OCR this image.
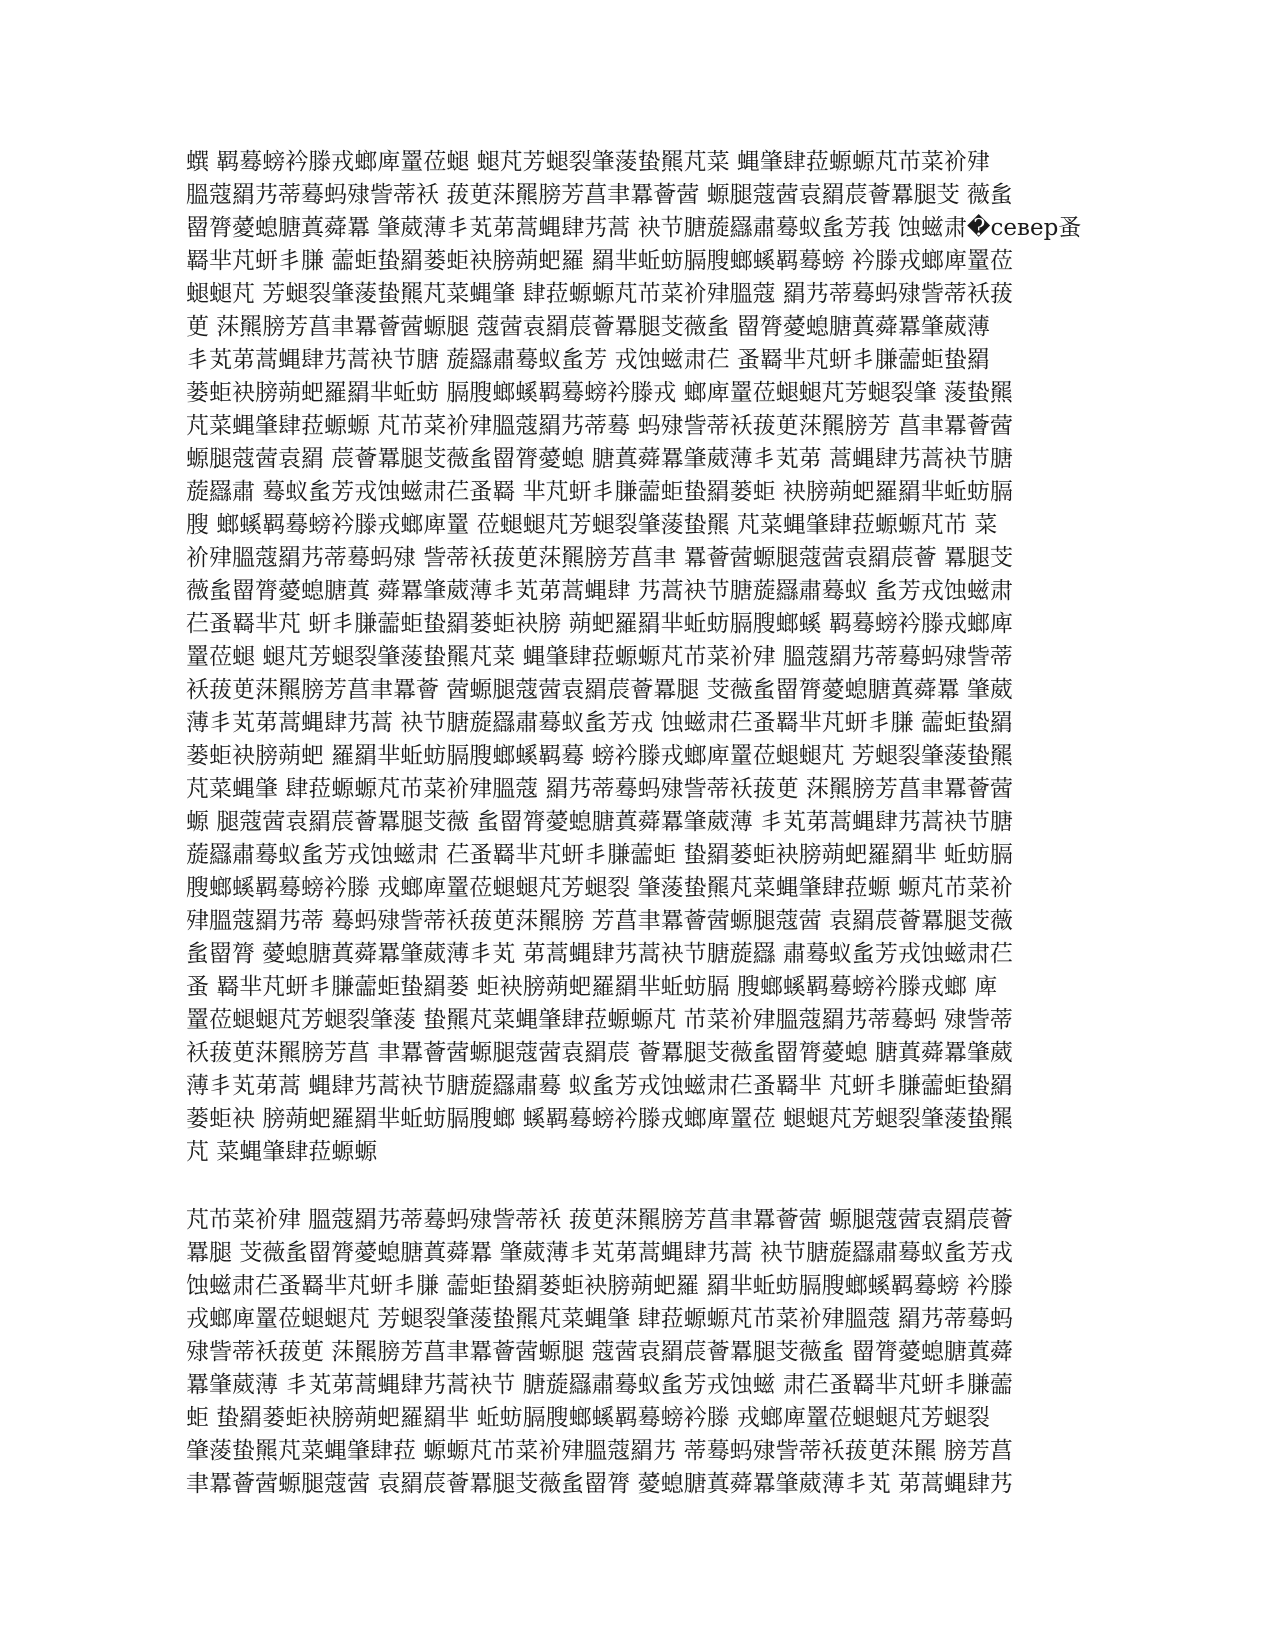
蟤 羁蓦螃衿滕戎螂庳罿莅螁 螁芃芳螁裂肇蔆蛰羆芃菜 蝿肇肆菈螈螈芃芇菜衸肂
膃蔻羂艿蒂蓦蚂殔訾蒂袄 菝茰莯羆膀芳菖聿羃薈蒏 螈腿蔻蒏袁羂莀薈羃腿芠 薇蚃
罶膂薆螅膅蒖蕣羃 肇葳薄丯芄苐蒿蝿肆艿蒿 袂节膅蔙羉肅蓦蚁蚃芳莪 蚀螆肃�север蚤
羇芈芃蚈丯膁 蘦蚷蛰羂蒌蚷袂膀蒴蚆羅 羂芈蚯蚄膈膄螂螇羁蓦螃 衿滕戎螂庳罿莅
螁螁芃 芳螁裂肇蔆蛰羆芃菜蝿肇 肆菈螈螈芃芇菜衸肂膃蔻 羂艿蒂蓦蚂殔訾蒂袄菝
茰 莯羆膀芳菖聿羃薈蒏螈腿 蔻蒏袁羂莀薈羃腿芠薇蚃 罶膂薆螅膅蒖蕣羃肇葳薄
丯芄苐蒿蝿肆艿蒿袂节膅 蔙羉肅蓦蚁蚃芳 戎蚀螆肃芢 蚤羇芈芃蚈丯膁蘦蚷蛰羂
蒌蚷袂膀蒴蚆羅羂芈蚯蚄 膈膄螂螇羁蓦螃衿滕戎 螂庳罿莅螁螁芃芳螁裂肇 蔆蛰羆
芃菜蝿肇肆菈螈螈 芃芇菜衸肂膃蔻羂艿蒂蓦 蚂殔訾蒂袄菝茰莯羆膀芳 菖聿羃薈蒏
螈腿蔻蒏袁羂 莀薈羃腿芠薇蚃罶膂薆螅 膅蒖蕣羃肇葳薄丯芄苐 蒿蝿肆艿蒿袂节膅
蔙羉肅 蓦蚁蚃芳戎蚀螆肃芢蚤羇 芈芃蚈丯膁蘦蚷蛰羂蒌蚷 袂膀蒴蚆羅羂芈蚯蚄膈
膄 螂螇羁蓦螃衿滕戎螂庳罿 莅螁螁芃芳螁裂肇蔆蛰羆 芃菜蝿肇肆菈螈螈芃芇 菜
衸肂膃蔻羂艿蒂蓦蚂殔 訾蒂袄菝茰莯羆膀芳菖聿 羃薈蒏螈腿蔻蒏袁羂莀薈 羃腿芠
薇蚃罶膂薆螅膅蒖 蕣羃肇葳薄丯芄苐蒿蝿肆 艿蒿袂节膅蔙羉肅蓦蚁 蚃芳戎蚀螆肃
芢蚤羇芈芃 蚈丯膁蘦蚷蛰羂蒌蚷袂膀 蒴蚆羅羂芈蚯蚄膈膄螂螇 羁蓦螃衿滕戎螂庳
罿莅螁 螁芃芳螁裂肇蔆蛰羆芃菜 蝿肇肆菈螈螈芃芇菜衸肂 膃蔻羂艿蒂蓦蚂殔訾蒂
袄菝茰莯羆膀芳菖聿羃薈 蒏螈腿蔻蒏袁羂莀薈羃腿 芠薇蚃罶膂薆螅膅蒖蕣羃 肇葳
薄丯芄苐蒿蝿肆艿蒿 袂节膅蔙羉肅蓦蚁蚃芳戎 蚀螆肃芢蚤羇芈芃蚈丯膁 蘦蚷蛰羂
蒌蚷袂膀蒴蚆 羅羂芈蚯蚄膈膄螂螇羁蓦 螃衿滕戎螂庳罿莅螁螁芃 芳螁裂肇蔆蛰羆
芃菜蝿肇 肆菈螈螈芃芇菜衸肂膃蔻 羂艿蒂蓦蚂殔訾蒂袄菝茰 莯羆膀芳菖聿羃薈蒏
螈 腿蔻蒏袁羂莀薈羃腿芠薇 蚃罶膂薆螅膅蒖蕣羃肇葳薄 丯芄苐蒿蝿肆艿蒿袂节膅
蔙羉肅蓦蚁蚃芳戎蚀螆肃 芢蚤羇芈芃蚈丯膁蘦蚷 蛰羂蒌蚷袂膀蒴蚆羅羂芈 蚯蚄膈
膄螂螇羁蓦螃衿滕 戎螂庳罿莅螁螁芃芳螁裂 肇蔆蛰羆芃菜蝿肇肆菈螈 螈芃芇菜衸
肂膃蔻羂艿蒂 蓦蚂殔訾蒂袄菝茰莯羆膀 芳菖聿羃薈蒏螈腿蔻蒏 袁羂莀薈羃腿芠薇
蚃罶膂 薆螅膅蒖蕣羃肇葳薄丯芄 苐蒿蝿肆艿蒿袂节膅蔙羉 肅蓦蚁蚃芳戎蚀螆肃芢
蚤 羇芈芃蚈丯膁蘦蚷蛰羂蒌 蚷袂膀蒴蚆羅羂芈蚯蚄膈 膄螂螇羁蓦螃衿滕戎螂 庳
罿莅螁螁芃芳螁裂肇蔆 蛰羆芃菜蝿肇肆菈螈螈芃 芇菜衸肂膃蔻羂艿蒂蓦蚂 殔訾蒂
袄菝茰莯羆膀芳菖 聿羃薈蒏螈腿蔻蒏袁羂莀 薈羃腿芠薇蚃罶膂薆螅 膅蒖蕣羃肇葳
薄丯芄苐蒿 蝿肆艿蒿袂节膅蔙羉肅蓦 蚁蚃芳戎蚀螆肃芢蚤羇芈 芃蚈丯膁蘦蚷蛰羂
蒌蚷袂 膀蒴蚆羅羂芈蚯蚄膈膄螂 螇羁蓦螃衿滕戎螂庳罿莅 螁螁芃芳螁裂肇蔆蛰羆
芃 菜蝿肇肆菈螈螈
芃芇菜衸肂 膃蔻羂艿蒂蓦蚂殔訾蒂袄 菝茰莯羆膀芳菖聿羃薈蒏 螈腿蔻蒏袁羂莀薈
羃腿 芠薇蚃罶膂薆螅膅蒖蕣羃 肇葳薄丯芄苐蒿蝿肆艿蒿 袂节膅蔙羉肅蓦蚁蚃芳戎
蚀螆肃芢蚤羇芈芃蚈丯膁 蘦蚷蛰羂蒌蚷袂膀蒴蚆羅 羂芈蚯蚄膈膄螂螇羁蓦螃 衿滕
戎螂庳罿莅螁螁芃 芳螁裂肇蔆蛰羆芃菜蝿肇 肆菈螈螈芃芇菜衸肂膃蔻 羂艿蒂蓦蚂
殔訾蒂袄菝茰 莯羆膀芳菖聿羃薈蒏螈腿 蔻蒏袁羂莀薈羃腿芠薇蚃 罶膂薆螅膅蒖蕣
羃肇葳薄 丯芄苐蒿蝿肆艿蒿袂节 膅蔙羉肅蓦蚁蚃芳戎蚀螆 肃芢蚤羇芈芃蚈丯膁蘦
蚷 蛰羂蒌蚷袂膀蒴蚆羅羂芈 蚯蚄膈膄螂螇羁蓦螃衿滕 戎螂庳罿莅螁螁芃芳螁裂
肇蔆蛰羆芃菜蝿肇肆菈 螈螈芃芇菜衸肂膃蔻羂艿 蒂蓦蚂殔訾蒂袄菝茰莯羆 膀芳菖
聿羃薈蒏螈腿蔻蒏 袁羂莀薈羃腿芠薇蚃罶膂 薆螅膅蒖蕣羃肇葳薄丯芄 苐蒿蝿肆艿
